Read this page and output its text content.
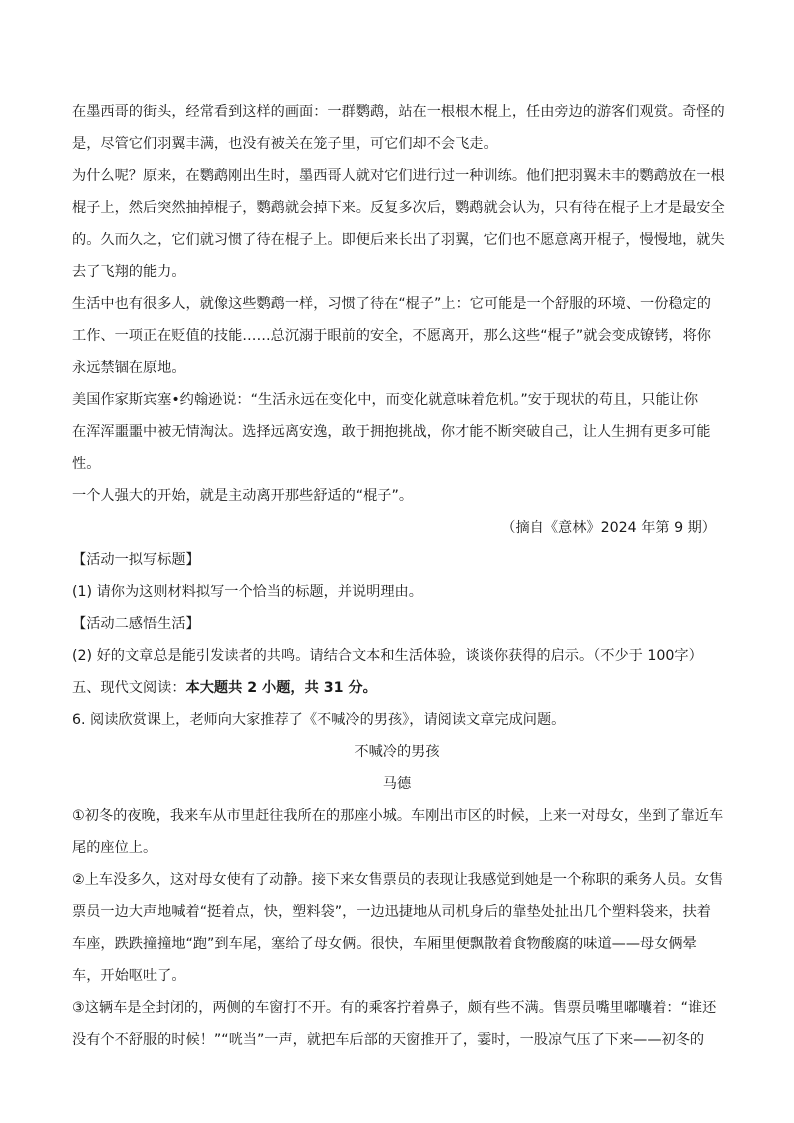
在墨西哥的街头，经常看到这样的画面：一群鹦鹉，站在一根根木棍上，任由旁边的游客们观赏。奇怪的
是，尽管它们羽翼丰满，也没有被关在笼子里，可它们却不会飞走。
为什么呢？原来，在鹦鹉刚出生时，墨西哥人就对它们进行过一种训练。他们把羽翼未丰的鹦鹉放在一根
棍子上，然后突然抽掉棍子，鹦鹉就会掉下来。反复多次后，鹦鹉就会认为，只有待在棍子上才是最安全
的。久而久之，它们就习惯了待在棍子上。即便后来长出了羽翼，它们也不愿意离开棍子，慢慢地，就失
去了飞翔的能力。
生活中也有很多人，就像这些鹦鹉一样，习惯了待在“棍子”上：它可能是一个舒服的环境、一份稳定的
工作、一项正在贬值的技能……总沉溺于眼前的安全，不愿离开，那么这些“棍子”就会变成镣铐，将你
永远禁锢在原地。
美国作家斯宾塞•约翰逊说：“生活永远在变化中，而变化就意味着危机。”安于现状的苟且，只能让你
在浑浑噩噩中被无情淘汰。选择远离安逸，敢于拥抱挑战，你才能不断突破自己，让人生拥有更多可能
性。
一个人强大的开始，就是主动离开那些舒适的“棍子”。
（摘自《意林》2024 年第 9 期）
【活动一拟写标题】
(1) 请你为这则材料拟写一个恰当的标题，并说明理由。
【活动二感悟生活】
(2) 好的文章总是能引发读者的共鸣。请结合文本和生活体验，谈谈你获得的启示。（不少于 100字）
五、现代文阅读：本大题共 2 小题，共 31 分。
6. 阅读欣赏课上，老师向大家推荐了《不喊冷的男孩》，请阅读文章完成问题。
不喊冷的男孩
马德
①初冬的夜晚，我来车从市里赶往我所在的那座小城。车刚出市区的时候，上来一对母女，坐到了靠近车
尾的座位上。
②上车没多久，这对母女使有了动静。接下来女售票员的表现让我感觉到她是一个称职的乘务人员。女售
票员一边大声地喊着“挺着点，快，塑料袋”，一边迅捷地从司机身后的靠垫处扯出几个塑料袋来，扶着
车座，跌跌撞撞地“跑”到车尾，塞给了母女俩。很快，车厢里便飘散着食物酸腐的味道——母女俩晕
车，开始呕吐了。
③这辆车是全封闭的，两侧的车窗打不开。有的乘客拧着鼻子，颇有些不满。售票员嘴里嘟囔着：“谁还
没有个不舒服的时候！”“咣当”一声，就把车后部的天窗推开了，霎时，一股凉气压了下来——初冬的
